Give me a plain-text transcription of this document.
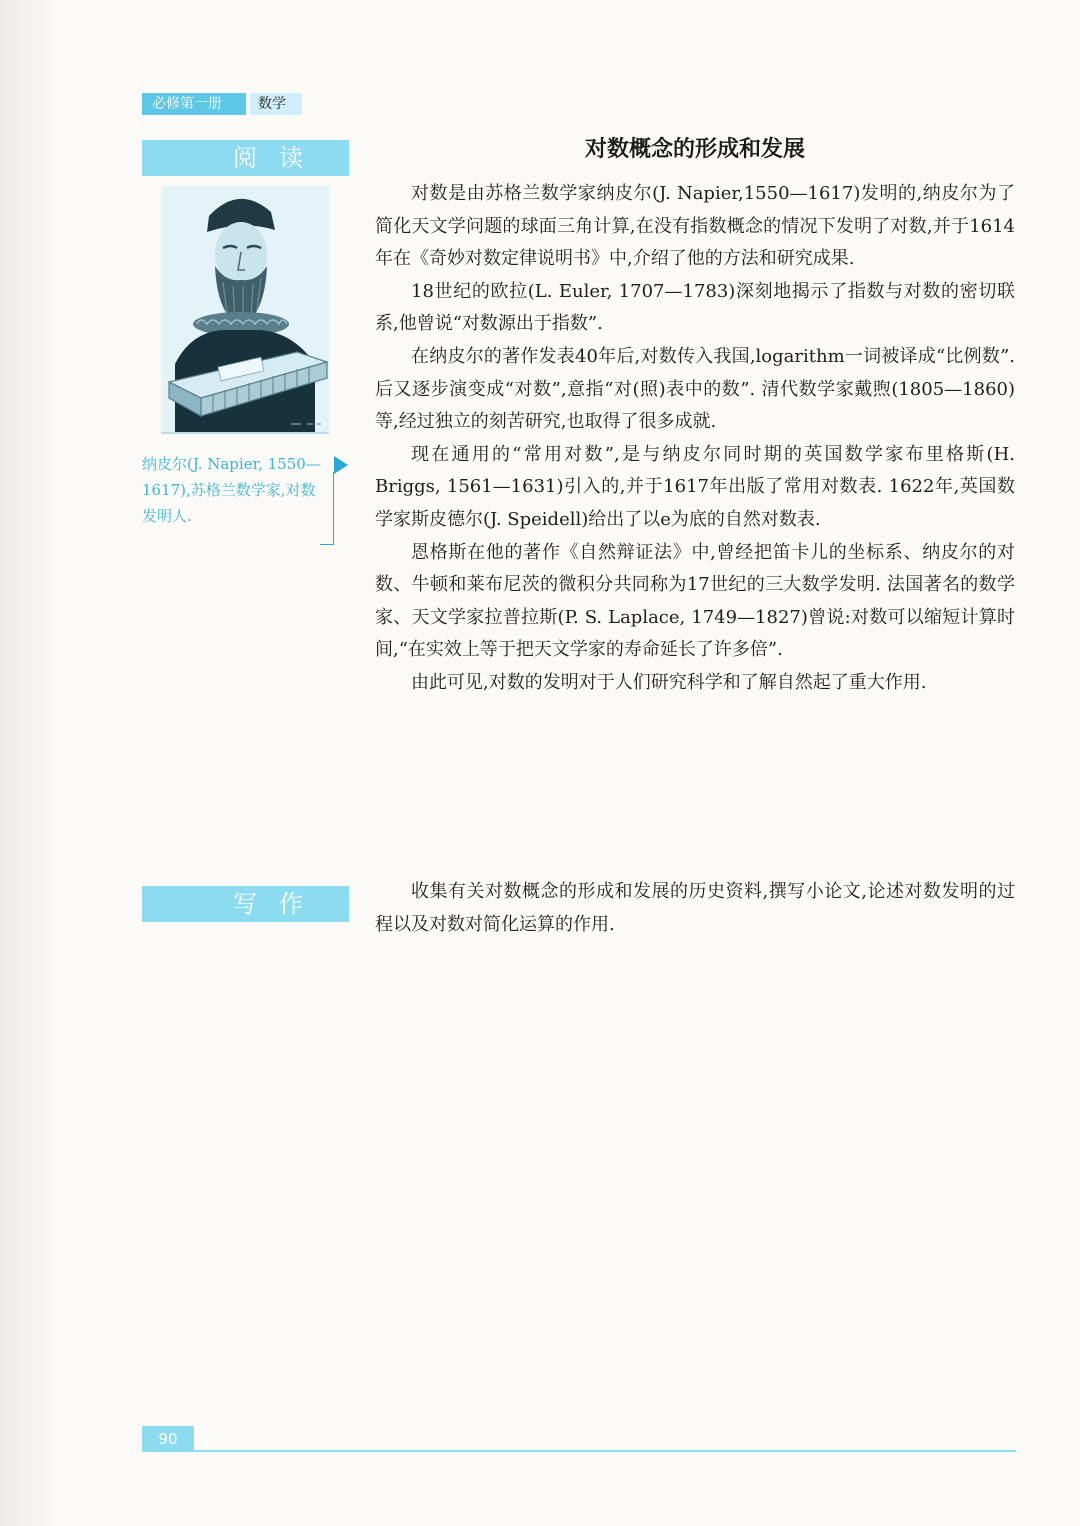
必修第一册	数学
阅读
纳皮尔(J. Napier, 1550—1617),苏格兰数学家,对数发明人.
对数概念的形成和发展

对数是由苏格兰数学家纳皮尔(J. Napier,1550—1617)发明的,纳皮尔为了简化天文学问题的球面三角计算,在没有指数概念的情况下发明了对数,并于1614年在《奇妙对数定律说明书》中,介绍了他的方法和研究成果.

18世纪的欧拉(L. Euler, 1707—1783)深刻地揭示了指数与对数的密切联系,他曾说“对数源出于指数”.

在纳皮尔的著作发表40年后,对数传入我国,logarithm一词被译成“比例数”. 后又逐步演变成“对数”,意指“对(照)表中的数”. 清代数学家戴煦(1805—1860)等,经过独立的刻苦研究,也取得了很多成就.

现在通用的“常用对数”,是与纳皮尔同时期的英国数学家布里格斯(H. Briggs, 1561—1631)引入的,并于1617年出版了常用对数表. 1622年,英国数学家斯皮德尔(J. Speidell)给出了以e为底的自然对数表.

恩格斯在他的著作《自然辩证法》中,曾经把笛卡儿的坐标系、纳皮尔的对数、牛顿和莱布尼茨的微积分共同称为17世纪的三大数学发明. 法国著名的数学家、天文学家拉普拉斯(P. S. Laplace, 1749—1827)曾说:对数可以缩短计算时间,“在实效上等于把天文学家的寿命延长了许多倍”.

由此可见,对数的发明对于人们研究科学和了解自然起了重大作用.

写作	收集有关对数概念的形成和发展的历史资料,撰写小论文,论述对数发明的过程以及对数对简化运算的作用.

90
